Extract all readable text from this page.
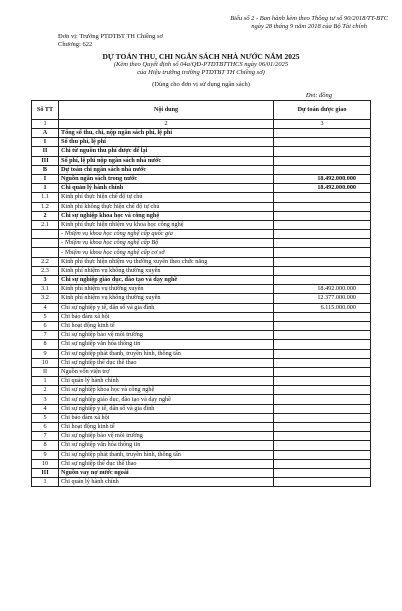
Biểu số 2 - Ban hành kèm theo Thông tư số 90/2018/TT-BTC
ngày 28 tháng 9 năm 2018 của Bộ Tài chính
Đơn vị: Trường PTDTBT TH Chiềng sơ
Chương: 622
DỰ TOÁN THU, CHI NGÂN SÁCH NHÀ NƯỚC NĂM 2025
(Kèm theo Quyết định số 04a/QĐ-PTDTBTTHCS ngày 06/01/2025
của Hiệu trưởng trường PTDTBT TH Chiềng sơ)
(Dùng cho đơn vị sử dụng ngân sách)
Đvt: đồng
Số TT	Nội dung	Dự toán được giao
1	2	3
A	Tổng số thu, chi, nộp ngân sách phí, lệ phí	
I	Số thu phí, lệ phí	
II	Chi từ nguồn thu phí được để lại	
III	Số phí, lệ phí nộp ngân sách nhà nước	
B	Dự toán chi ngân sách nhà nước	
I	Nguồn ngân sách trong nước	18.492.000.000
1	Chi quản lý hành chính	18.492.000.000
1.1	Kinh phí thực hiện chế độ tự chủ	
1.2	Kinh phí không thực hiện chế độ tự chủ	
2	Chi sự nghiệp khoa học và công nghệ	
2.1	Kinh phí thực hiện nhiệm vụ khoa học công nghệ	
	- Nhiệm vụ khoa học công nghệ cấp quốc gia	
	- Nhiệm vụ khoa học công nghệ cấp Bộ	
	- Nhiệm vụ khoa học công nghệ cấp cơ sở	
2.2	Kinh phí thực hiện nhiệm vụ thường xuyên theo chức năng	
2.3	Kinh phí nhiệm vụ không thường xuyên	
3	Chi sự nghiệp giáo dục, đào tạo và dạy nghề	
3.1	Kinh phí nhiệm vụ thường xuyên	18.492.000.000
3.2	Kinh phí nhiệm vụ không thường xuyên	12.377.000.000
4	Chi sự nghiệp y tế, dân số và gia đình	6.115.000.000
5	Chi bảo đảm xã hội	
6	Chi hoạt động kinh tế	
7	Chi sự nghiệp bảo vệ môi trường	
8	Chi sự nghiệp văn hóa thông tin	
9	Chi sự nghiệp phát thanh, truyền hình, thông tấn	
10	Chi sự nghiệp thể dục thể thao	
II	Nguồn vốn viện trợ	
1	Chi quản lý hành chính	
2	Chi sự nghiệp khoa học và công nghệ	
3	Chi sự nghiệp giáo dục, đào tạo và dạy nghề	
4	Chi sự nghiệp y tế, dân số và gia đình	
5	Chi bảo đảm xã hội	
6	Chi hoạt động kinh tế	
7	Chi sự nghiệp bảo vệ môi trường	
8	Chi sự nghiệp văn hóa thông tin	
9	Chi sự nghiệp phát thanh, truyền hình, thông tấn	
10	Chi sự nghiệp thể dục thể thao	
III	Nguồn vay nợ nước ngoài	
1	Chi quản lý hành chính	
